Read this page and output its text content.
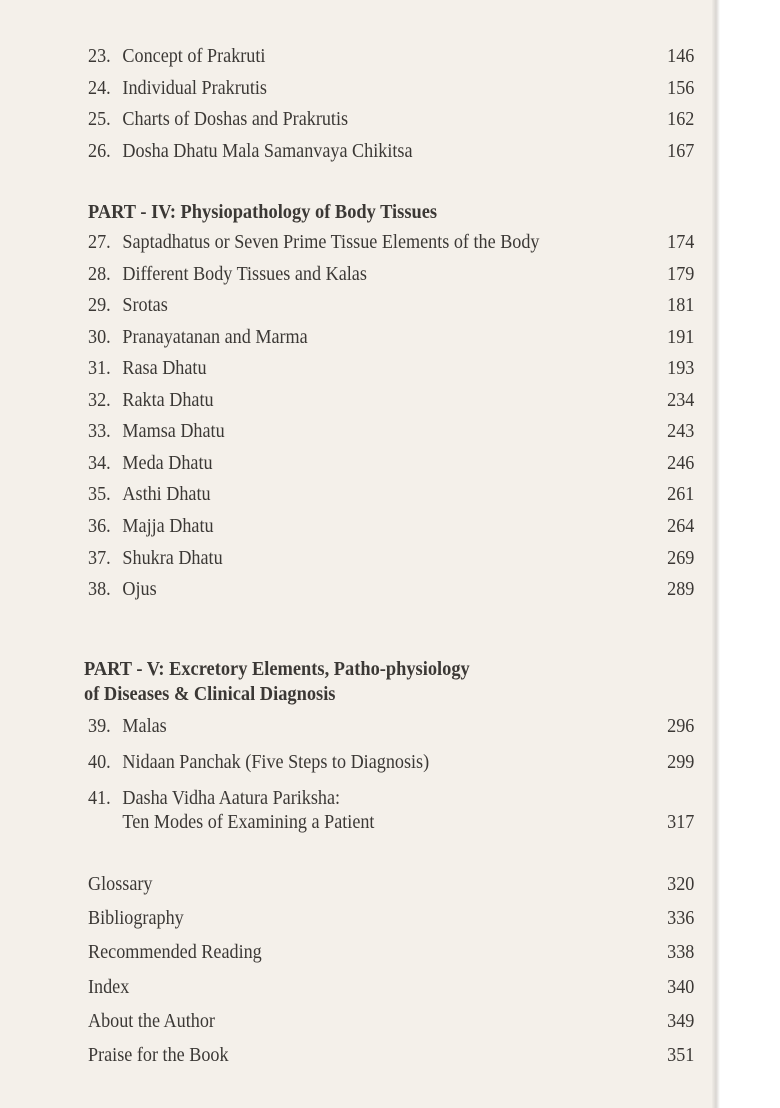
PART - IV: Physiopathology of Body Tissues
PART - V: Excretory Elements, Patho-physiology
of Diseases & Clinical Diagnosis
23. Concept of Prakruti	146
24. Individual Prakrutis	156
25. Charts of Doshas and Prakrutis	162
26. Dosha Dhatu Mala Samanvaya Chikitsa	167
27. Saptadhatus or Seven Prime Tissue Elements of the Body	174
28. Different Body Tissues and Kalas	179
29. Srotas	181
30. Pranayatanan and Marma	191
31. Rasa Dhatu	193
32. Rakta Dhatu	234
33. Mamsa Dhatu	243
34. Meda Dhatu	246
35. Asthi Dhatu	261
36. Majja Dhatu	264
37. Shukra Dhatu	269
38. Ojus	289
39. Malas	296
40. Nidaan Panchak (Five Steps to Diagnosis)	299
41. Dasha Vidha Aatura Pariksha:
Ten Modes of Examining a Patient	317
Glossary	320
Bibliography	336
Recommended Reading	338
Index	340
About the Author	349
Praise for the Book	351
